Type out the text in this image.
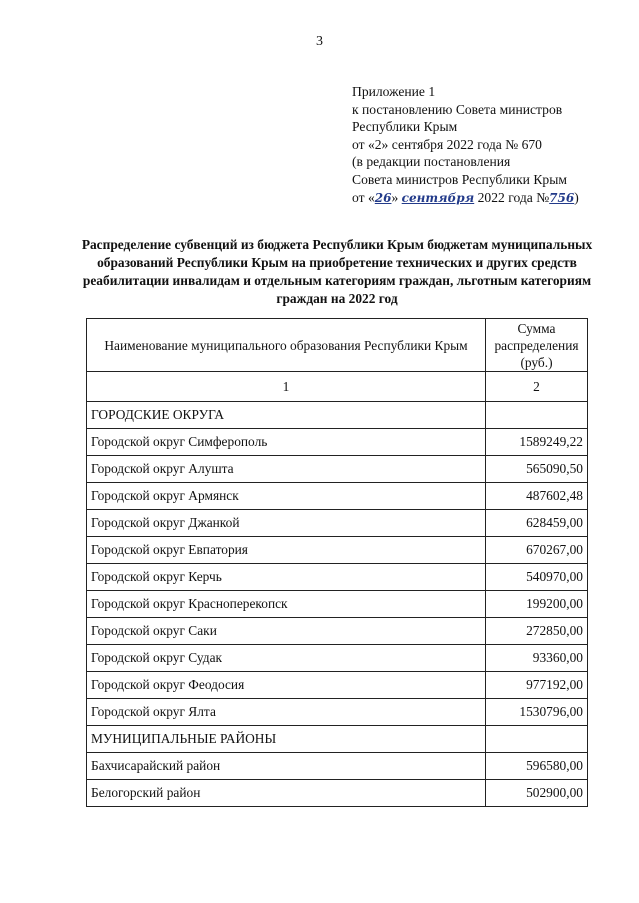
3
Приложение 1
к постановлению Совета министров
Республики Крым
от «2» сентября 2022 года № 670
(в редакции постановления
Совета министров Республики Крым
от «26» сентября 2022 года №756)
Распределение субвенций из бюджета Республики Крым бюджетам муниципальных образований Республики Крым на приобретение технических и других средств реабилитации инвалидам и отдельным категориям граждан, льготным категориям граждан на 2022 год
Наименование муниципального образования Республики Крым	Сумма распределения (руб.)
1	2
ГОРОДСКИЕ ОКРУГА	
Городской округ Симферополь	1589249,22
Городской округ Алушта	565090,50
Городской округ Армянск	487602,48
Городской округ Джанкой	628459,00
Городской округ Евпатория	670267,00
Городской округ Керчь	540970,00
Городской округ Красноперекопск	199200,00
Городской округ Саки	272850,00
Городской округ Судак	93360,00
Городской округ Феодосия	977192,00
Городской округ Ялта	1530796,00
МУНИЦИПАЛЬНЫЕ РАЙОНЫ	
Бахчисарайский район	596580,00
Белогорский район	502900,00
